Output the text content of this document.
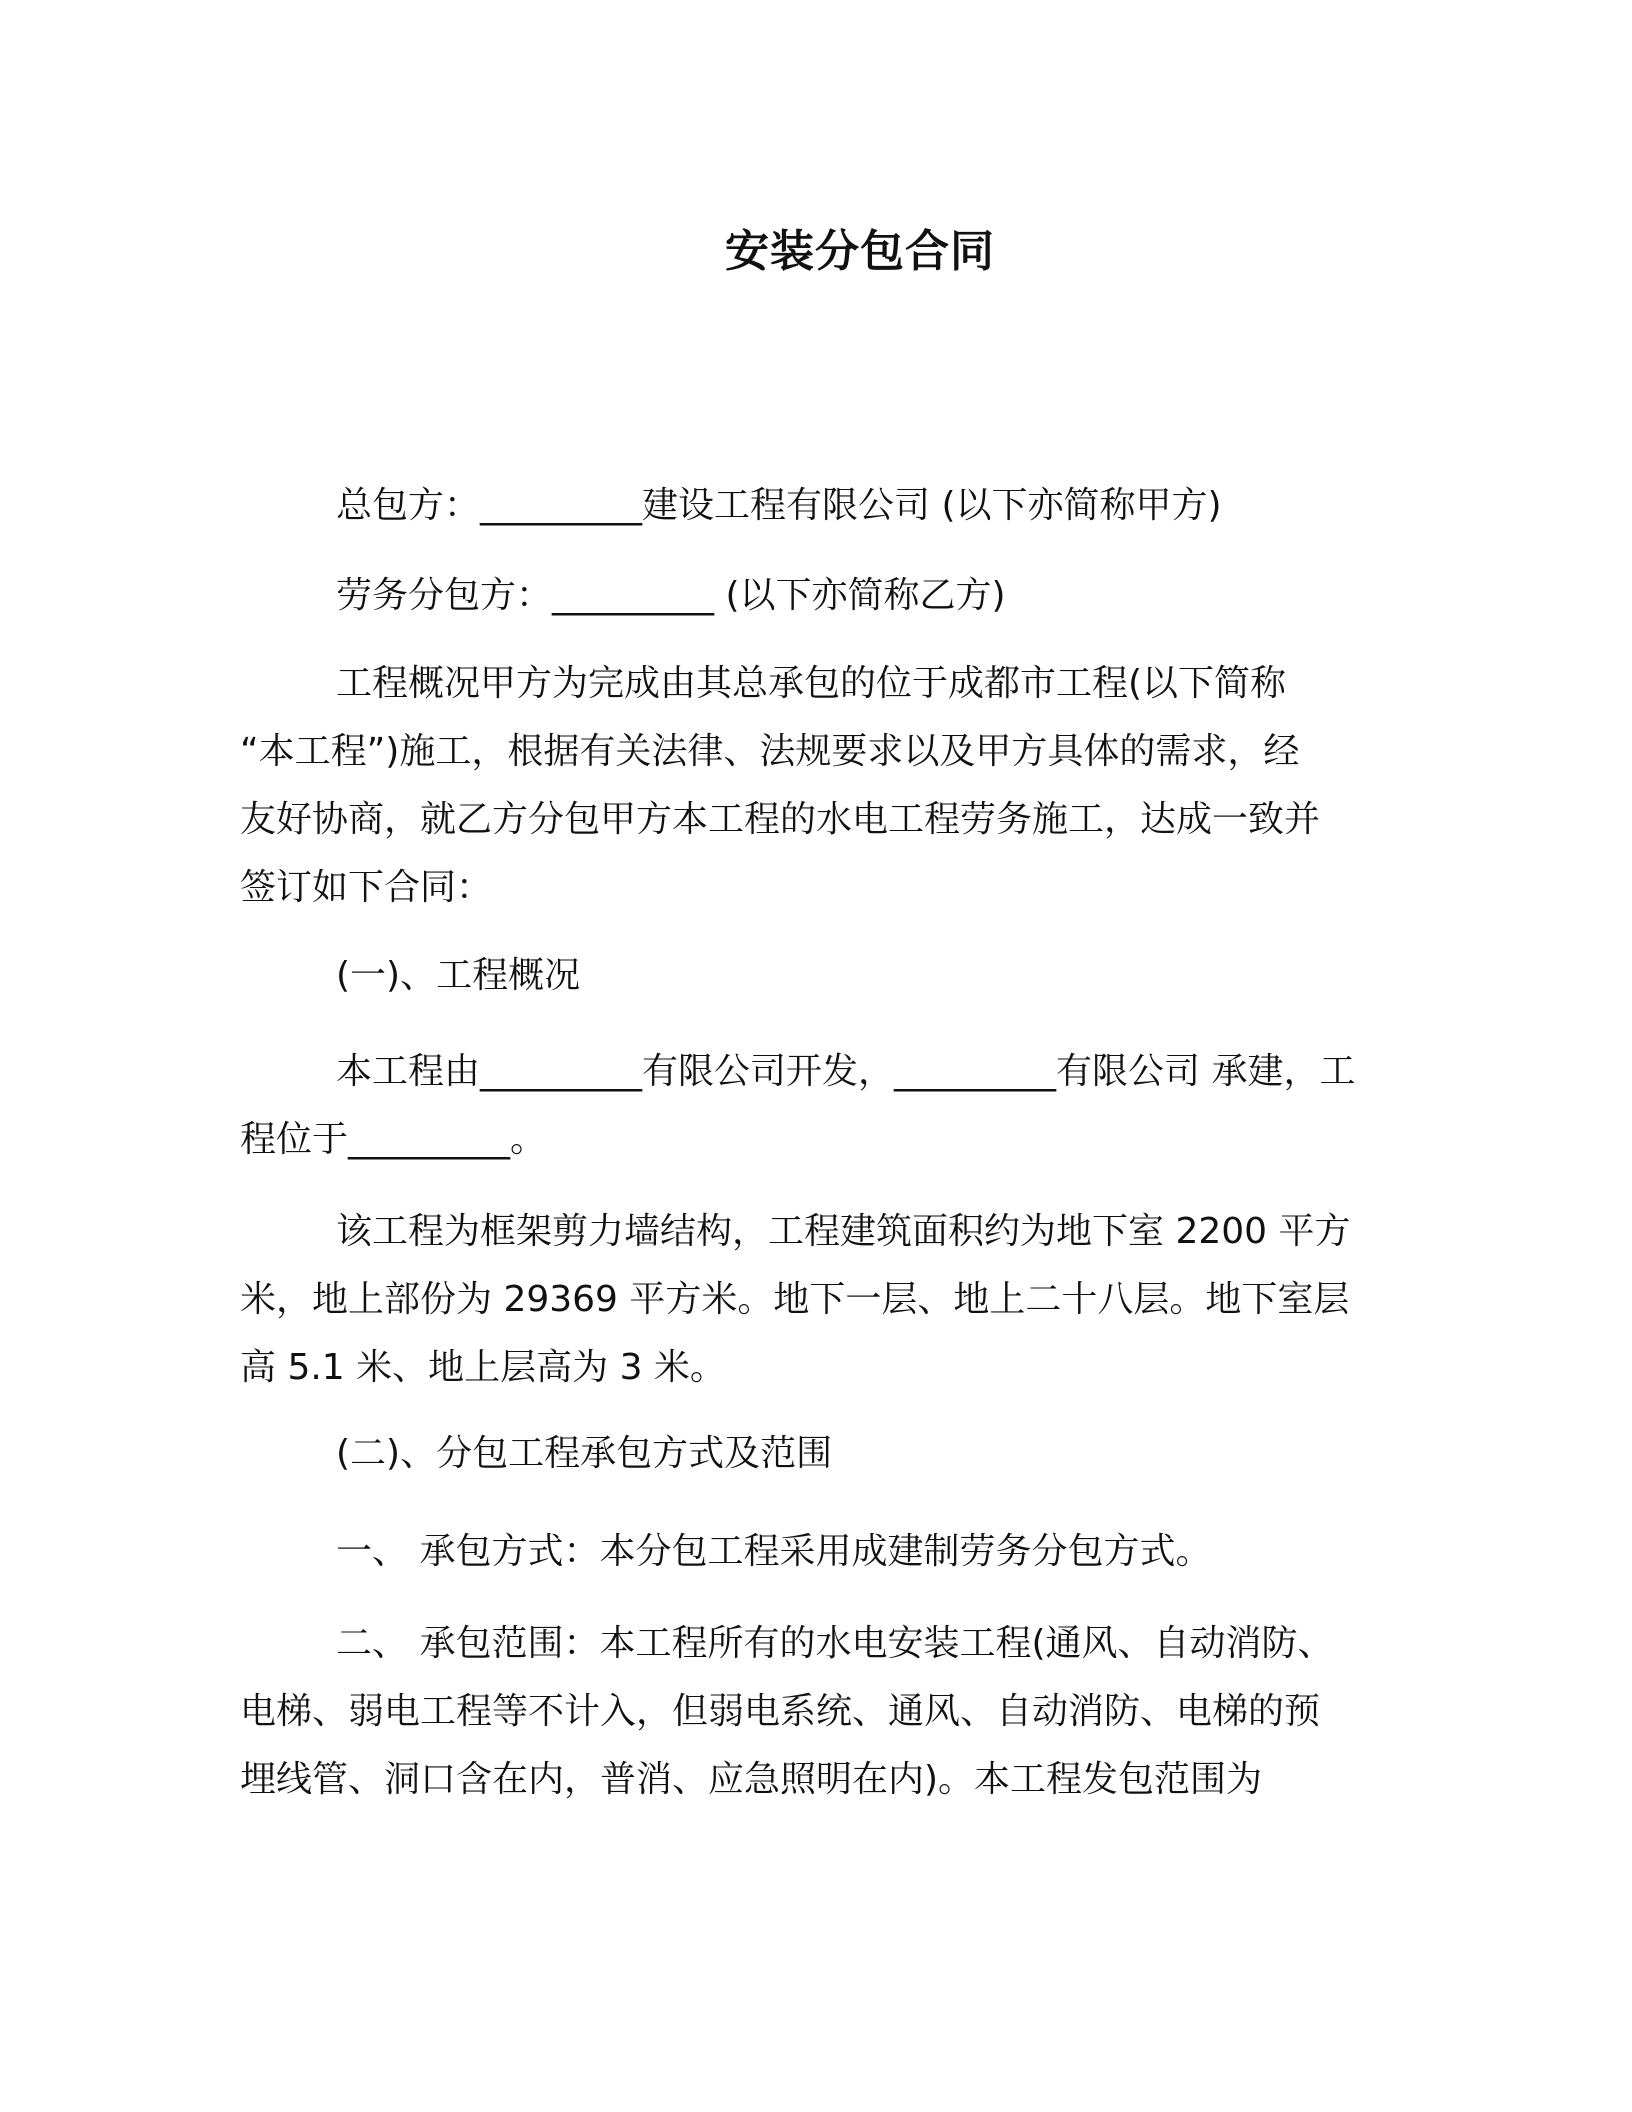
安装分包合同
总包方：_________建设工程有限公司 (以下亦简称甲方)
劳务分包方：_________ (以下亦简称乙方)
工程概况甲方为完成由其总承包的位于成都市工程(以下简称
“本工程”)施工，根据有关法律、法规要求以及甲方具体的需求，经
友好协商，就乙方分包甲方本工程的水电工程劳务施工，达成一致并
签订如下合同：
(一)、工程概况
本工程由_________有限公司开发，_________有限公司 承建，工
程位于_________。
该工程为框架剪力墙结构，工程建筑面积约为地下室 2200 平方
米，地上部份为 29369 平方米。地下一层、地上二十八层。地下室层
高 5.1 米、地上层高为 3 米。
(二)、分包工程承包方式及范围
一、 承包方式：本分包工程采用成建制劳务分包方式。
二、 承包范围：本工程所有的水电安装工程(通风、自动消防、
电梯、弱电工程等不计入，但弱电系统、通风、自动消防、电梯的预
埋线管、洞口含在内，普消、应急照明在内)。本工程发包范围为
